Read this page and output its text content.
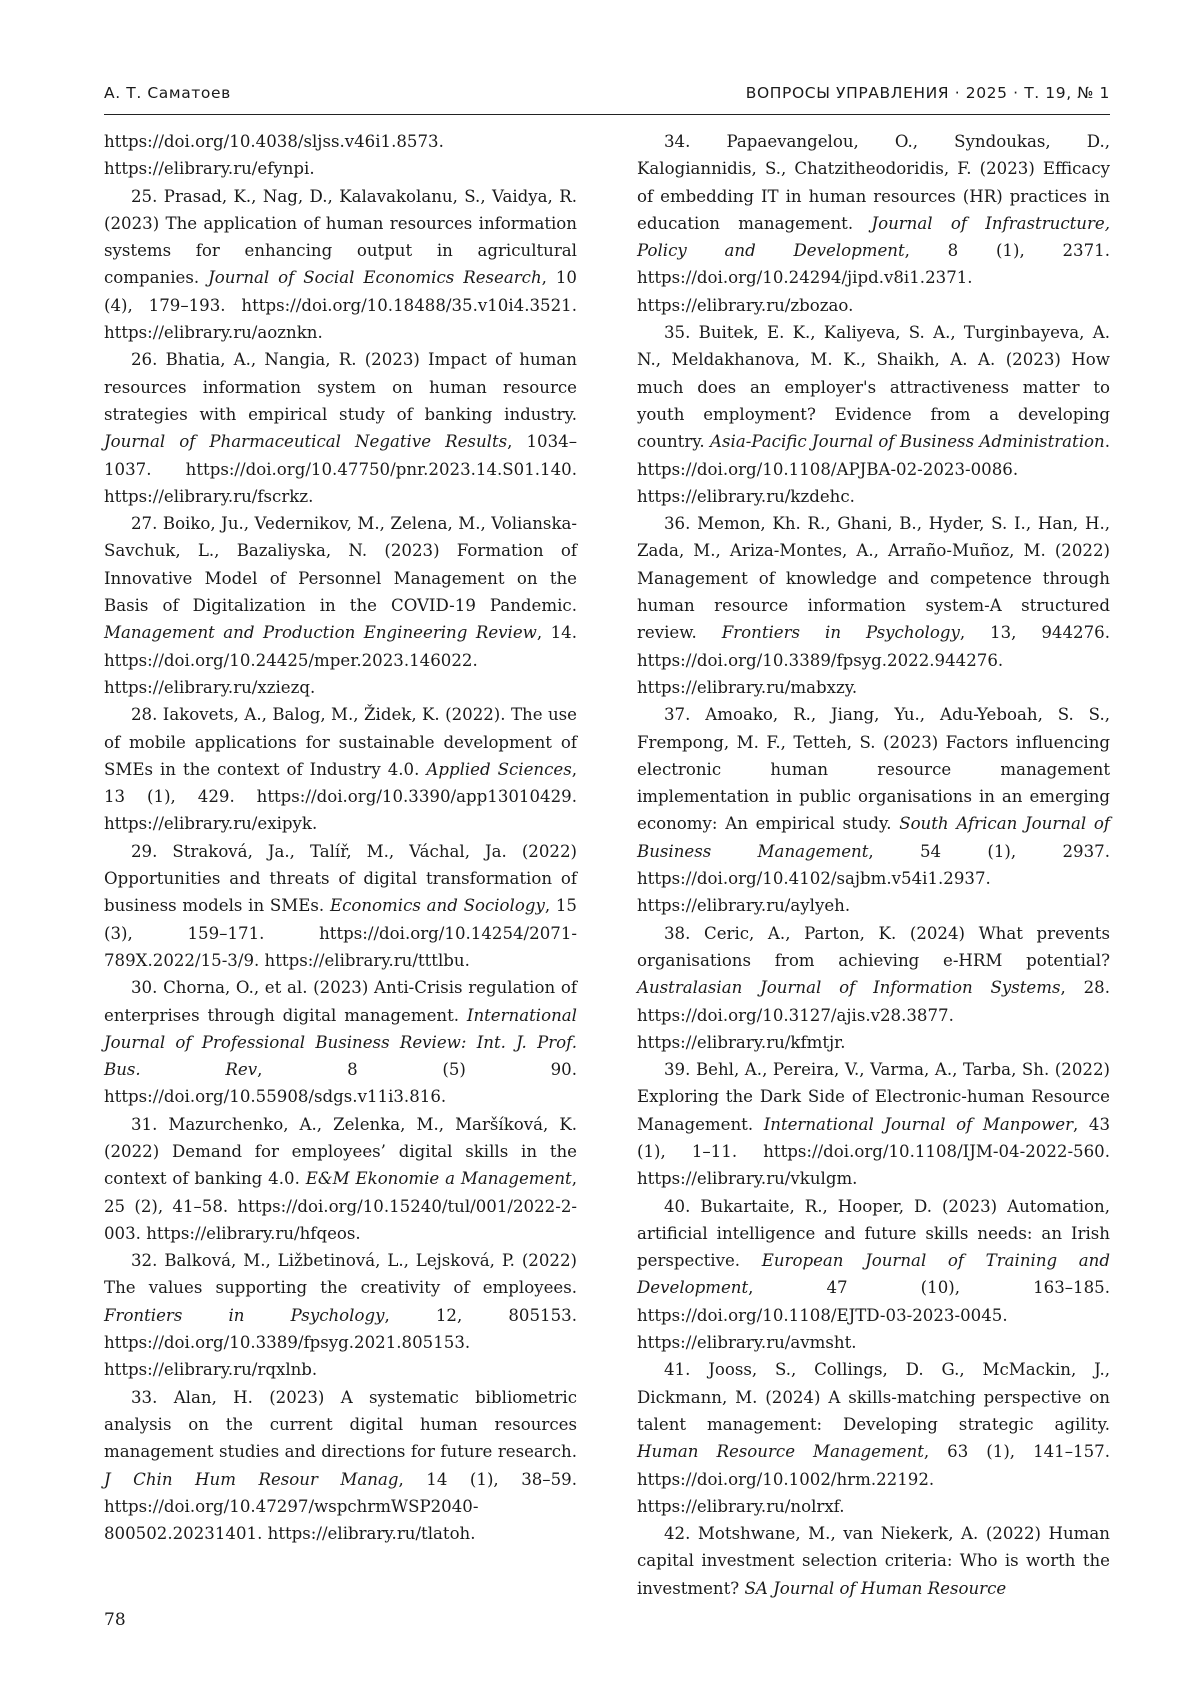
А. Т. Саматоев	ВОПРОСЫ УПРАВЛЕНИЯ · 2025 · Т. 19, № 1

https://doi.org/10.4038/sljss.v46i1.8573. https://elibrary.ru/efynpi.

25. Prasad, K., Nag, D., Kalavakolanu, S., Vaidya, R. (2023) The application of human resources information systems for enhancing output in agricultural companies. Journal of Social Economics Research, 10 (4), 179–193. https://doi.org/10.18488/35.v10i4.3521. https://elibrary.ru/aoznkn.

26. Bhatia, A., Nangia, R. (2023) Impact of human resources information system on human resource strategies with empirical study of banking industry. Journal of Pharmaceutical Negative Results, 1034–1037. https://doi.org/10.47750/pnr.2023.14.S01.140. https://elibrary.ru/fscrkz.

27. Boiko, Ju., Vedernikov, M., Zelena, M., Volianska-Savchuk, L., Bazaliyska, N. (2023) Formation of Innovative Model of Personnel Management on the Basis of Digitalization in the COVID-19 Pandemic. Management and Production Engineering Review, 14. https://doi.org/10.24425/mper.2023.146022. https://elibrary.ru/xziezq.

28. Iakovets, A., Balog, M., Židek, K. (2022). The use of mobile applications for sustainable development of SMEs in the context of Industry 4.0. Applied Sciences, 13 (1), 429. https://doi.org/10.3390/app13010429. https://elibrary.ru/exipyk.

29. Straková, Ja., Talíř, M., Váchal, Ja. (2022) Opportunities and threats of digital transformation of business models in SMEs. Economics and Sociology, 15 (3), 159–171. https://doi.org/10.14254/2071-789X.2022/15-3/9. https://elibrary.ru/tttlbu.

30. Chorna, O., et al. (2023) Anti-Crisis regulation of enterprises through digital management. International Journal of Professional Business Review: Int. J. Prof. Bus. Rev, 8 (5) 90. https://doi.org/10.55908/sdgs.v11i3.816.

31. Mazurchenko, A., Zelenka, M., Maršíková, K. (2022) Demand for employees’ digital skills in the context of banking 4.0. E&M Ekonomie a Management, 25 (2), 41–58. https://doi.org/10.15240/tul/001/2022-2-003. https://elibrary.ru/hfqeos.

32. Balková, M., Ližbetinová, L., Lejsková, P. (2022) The values supporting the creativity of employees. Frontiers in Psychology, 12, 805153. https://doi.org/10.3389/fpsyg.2021.805153. https://elibrary.ru/rqxlnb.

33. Alan, H. (2023) A systematic bibliometric analysis on the current digital human resources management studies and directions for future research. J Chin Hum Resour Manag, 14 (1), 38–59. https://doi.org/10.47297/wspchrmWSP2040-800502.20231401. https://elibrary.ru/tlatoh.

34. Papaevangelou, O., Syndoukas, D., Kalogiannidis, S., Chatzitheodoridis, F. (2023) Efficacy of embedding IT in human resources (HR) practices in education management. Journal of Infrastructure, Policy and Development, 8 (1), 2371. https://doi.org/10.24294/jipd.v8i1.2371. https://elibrary.ru/zbozao.

35. Buitek, E. K., Kaliyeva, S. A., Turginbayeva, A. N., Meldakhanova, M. K., Shaikh, A. A. (2023) How much does an employer's attractiveness matter to youth employment? Evidence from a developing country. Asia-Pacific Journal of Business Administration. https://doi.org/10.1108/APJBA-02-2023-0086. https://elibrary.ru/kzdehc.

36. Memon, Kh. R., Ghani, B., Hyder, S. I., Han, H., Zada, M., Ariza-Montes, A., Arraño-Muñoz, M. (2022) Management of knowledge and competence through human resource information system-A structured review. Frontiers in Psychology, 13, 944276. https://doi.org/10.3389/fpsyg.2022.944276. https://elibrary.ru/mabxzy.

37. Amoako, R., Jiang, Yu., Adu-Yeboah, S. S., Frempong, M. F., Tetteh, S. (2023) Factors influencing electronic human resource management implementation in public organisations in an emerging economy: An empirical study. South African Journal of Business Management, 54 (1), 2937. https://doi.org/10.4102/sajbm.v54i1.2937. https://elibrary.ru/aylyeh.

38. Ceric, A., Parton, K. (2024) What prevents organisations from achieving e-HRM potential? Australasian Journal of Information Systems, 28. https://doi.org/10.3127/ajis.v28.3877. https://elibrary.ru/kfmtjr.

39. Behl, A., Pereira, V., Varma, A., Tarba, Sh. (2022) Exploring the Dark Side of Electronic-human Resource Management. International Journal of Manpower, 43 (1), 1–11. https://doi.org/10.1108/IJM-04-2022-560. https://elibrary.ru/vkulgm.

40. Bukartaite, R., Hooper, D. (2023) Automation, artificial intelligence and future skills needs: an Irish perspective. European Journal of Training and Development, 47 (10), 163–185. https://doi.org/10.1108/EJTD-03-2023-0045. https://elibrary.ru/avmsht.

41. Jooss, S., Collings, D. G., McMackin, J., Dickmann, M. (2024) A skills-matching perspective on talent management: Developing strategic agility. Human Resource Management, 63 (1), 141–157. https://doi.org/10.1002/hrm.22192. https://elibrary.ru/nolrxf.

42. Motshwane, M., van Niekerk, A. (2022) Human capital investment selection criteria: Who is worth the investment? SA Journal of Human Resource

78
